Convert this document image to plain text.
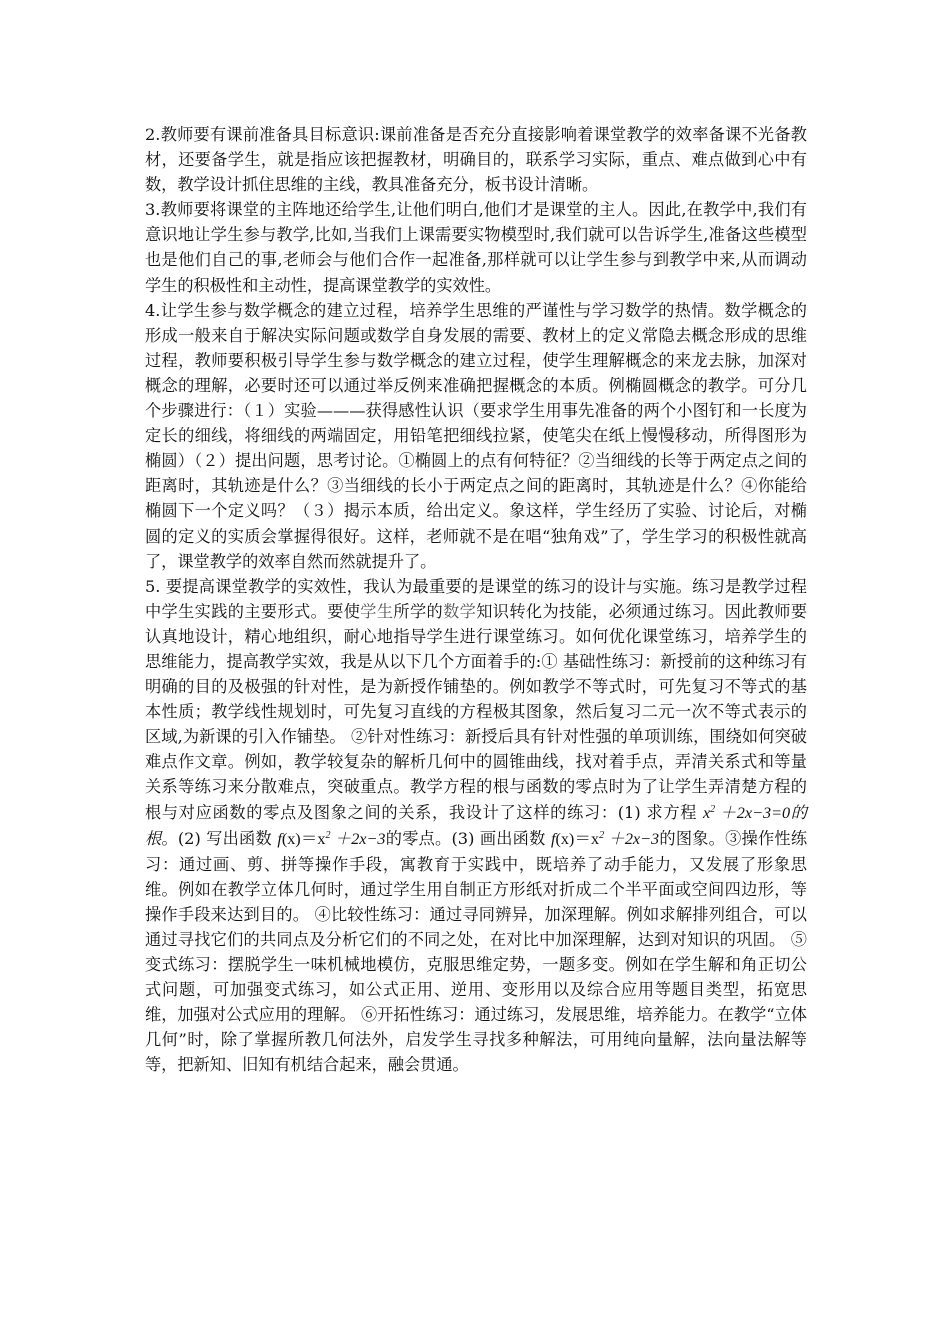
2.教师要有课前准备具目标意识:课前准备是否充分直接影响着课堂教学的效率备课不光备教材，还要备学生，就是指应该把握教材，明确目的，联系学习实际，重点、难点做到心中有数，教学设计抓住思维的主线，教具准备充分，板书设计清晰。

3.教师要将课堂的主阵地还给学生,让他们明白,他们才是课堂的主人。因此,在教学中,我们有意识地让学生参与教学,比如,当我们上课需要实物模型时,我们就可以告诉学生,准备这些模型也是他们自己的事,老师会与他们合作一起准备,那样就可以让学生参与到教学中来,从而调动学生的积极性和主动性，提高课堂教学的实效性。

4.让学生参与数学概念的建立过程，培养学生思维的严谨性与学习数学的热情。数学概念的形成一般来自于解决实际问题或数学自身发展的需要、教材上的定义常隐去概念形成的思维过程，教师要积极引导学生参与数学概念的建立过程，使学生理解概念的来龙去脉，加深对概念的理解，必要时还可以通过举反例来准确把握概念的本质。例椭圆概念的教学。可分几个步骤进行：（１）实验———获得感性认识（要求学生用事先准备的两个小图钉和一长度为定长的细线，将细线的两端固定，用铅笔把细线拉紧，使笔尖在纸上慢慢移动，所得图形为椭圆）（２）提出问题，思考讨论。①椭圆上的点有何特征？②当细线的长等于两定点之间的距离时，其轨迹是什么？③当细线的长小于两定点之间的距离时，其轨迹是什么？④你能给椭圆下一个定义吗？（３）揭示本质，给出定义。象这样，学生经历了实验、讨论后，对椭圆的定义的实质会掌握得很好。这样，老师就不是在唱“独角戏”了，学生学习的积极性就高了，课堂教学的效率自然而然就提升了。

5. 要提高课堂教学的实效性，我认为最重要的是课堂的练习的设计与实施。练习是教学过程中学生实践的主要形式。要使学生所学的数学知识转化为技能，必须通过练习。因此教师要认真地设计，精心地组织，耐心地指导学生进行课堂练习。如何优化课堂练习，培养学生的思维能力，提高教学实效，我是从以下几个方面着手的:① 基础性练习：新授前的这种练习有明确的目的及极强的针对性，是为新授作铺垫的。例如教学不等式时，可先复习不等式的基本性质；教学线性规划时，可先复习直线的方程极其图象，然后复习二元一次不等式表示的区域,为新课的引入作铺垫。 ②针对性练习：新授后具有针对性强的单项训练，围绕如何突破难点作文章。例如，教学较复杂的解析几何中的圆锥曲线，找对着手点，弄清关系式和等量关系等练习来分散难点，突破重点。教学方程的根与函数的零点时为了让学生弄清楚方程的根与对应函数的零点及图象之间的关系，我设计了这样的练习：(1) 求方程 $x^2 +2x-3=0$的根。(2) 写出函数 $f(x)=x^2 +2x-3$的零点。(3) 画出函数 $f(x)=x^2 +2x-3$的图象。③操作性练习：通过画、剪、拼等操作手段，寓教育于实践中，既培养了动手能力，又发展了形象思维。例如在教学立体几何时，通过学生用自制正方形纸对折成二个半平面或空间四边形，等操作手段来达到目的。 ④比较性练习：通过寻同辨异，加深理解。例如求解排列组合，可以通过寻找它们的共同点及分析它们的不同之处，在对比中加深理解，达到对知识的巩固。 ⑤变式练习：摆脱学生一味机械地模仿，克服思维定势，一题多变。例如在学生解和角正切公式问题，可加强变式练习，如公式正用、逆用、变形用以及综合应用等题目类型，拓宽思维，加强对公式应用的理解。 ⑥开拓性练习：通过练习，发展思维，培养能力。在教学“立体几何”时，除了掌握所教几何法外，启发学生寻找多种解法，可用纯向量解，法向量法解等等，把新知、旧知有机结合起来，融会贯通。
